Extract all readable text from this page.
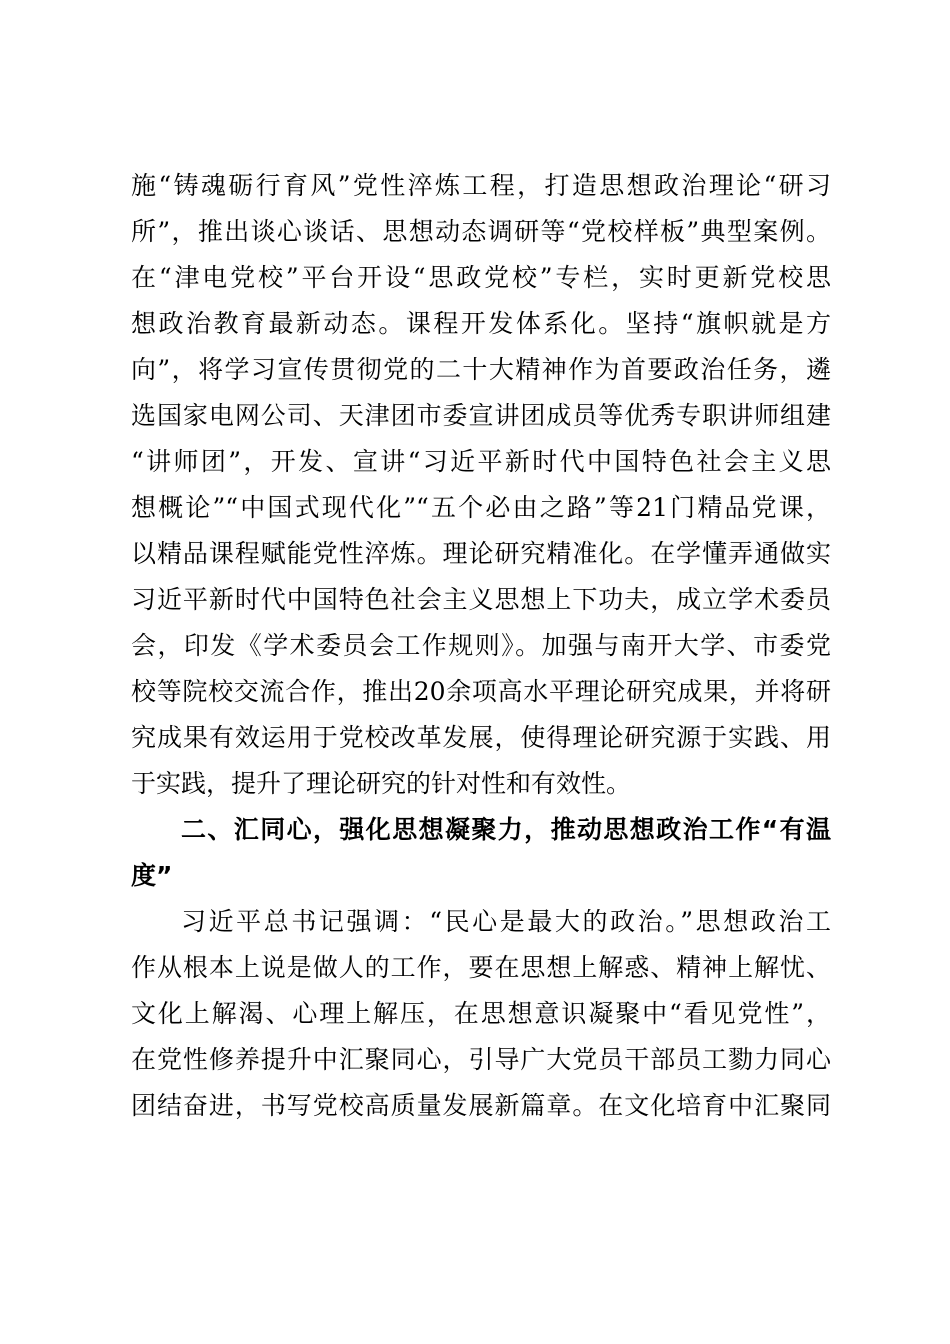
施“铸魂砺行育风”党性淬炼工程，打造思想政治理论“研习
所”，推出谈心谈话、思想动态调研等“党校样板”典型案例。
在“津电党校”平台开设“思政党校”专栏，实时更新党校思
想政治教育最新动态。课程开发体系化。坚持“旗帜就是方
向”，将学习宣传贯彻党的二十大精神作为首要政治任务，遴
选国家电网公司、天津团市委宣讲团成员等优秀专职讲师组建
“讲师团”，开发、宣讲“习近平新时代中国特色社会主义思
想概论”“中国式现代化”“五个必由之路”等21门精品党课，
以精品课程赋能党性淬炼。理论研究精准化。在学懂弄通做实
习近平新时代中国特色社会主义思想上下功夫，成立学术委员
会，印发《学术委员会工作规则》。加强与南开大学、市委党
校等院校交流合作，推出20余项高水平理论研究成果，并将研
究成果有效运用于党校改革发展，使得理论研究源于实践、用
于实践，提升了理论研究的针对性和有效性。
二、汇同心，强化思想凝聚力，推动思想政治工作“有温
度”
习近平总书记强调：“民心是最大的政治。”思想政治工
作从根本上说是做人的工作，要在思想上解惑、精神上解忧、
文化上解渴、心理上解压，在思想意识凝聚中“看见党性”，
在党性修养提升中汇聚同心，引导广大党员干部员工勠力同心
团结奋进，书写党校高质量发展新篇章。在文化培育中汇聚同
